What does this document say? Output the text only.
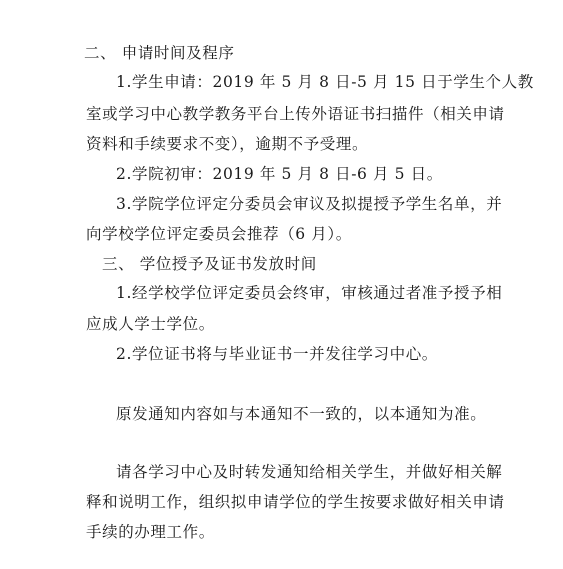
二、 申请时间及程序
1.学生申请：2019 年 5 月 8 日-5 月 15 日于学生个人教
室或学习中心教学教务平台上传外语证书扫描件（相关申请
资料和手续要求不变），逾期不予受理。
2.学院初审：2019 年 5 月 8 日-6 月 5 日。
3.学院学位评定分委员会审议及拟提授予学生名单，并
向学校学位评定委员会推荐（6 月）。
三、 学位授予及证书发放时间
1.经学校学位评定委员会终审，审核通过者准予授予相
应成人学士学位。
2.学位证书将与毕业证书一并发往学习中心。
原发通知内容如与本通知不一致的，以本通知为准。
请各学习中心及时转发通知给相关学生，并做好相关解
释和说明工作，组织拟申请学位的学生按要求做好相关申请
手续的办理工作。
